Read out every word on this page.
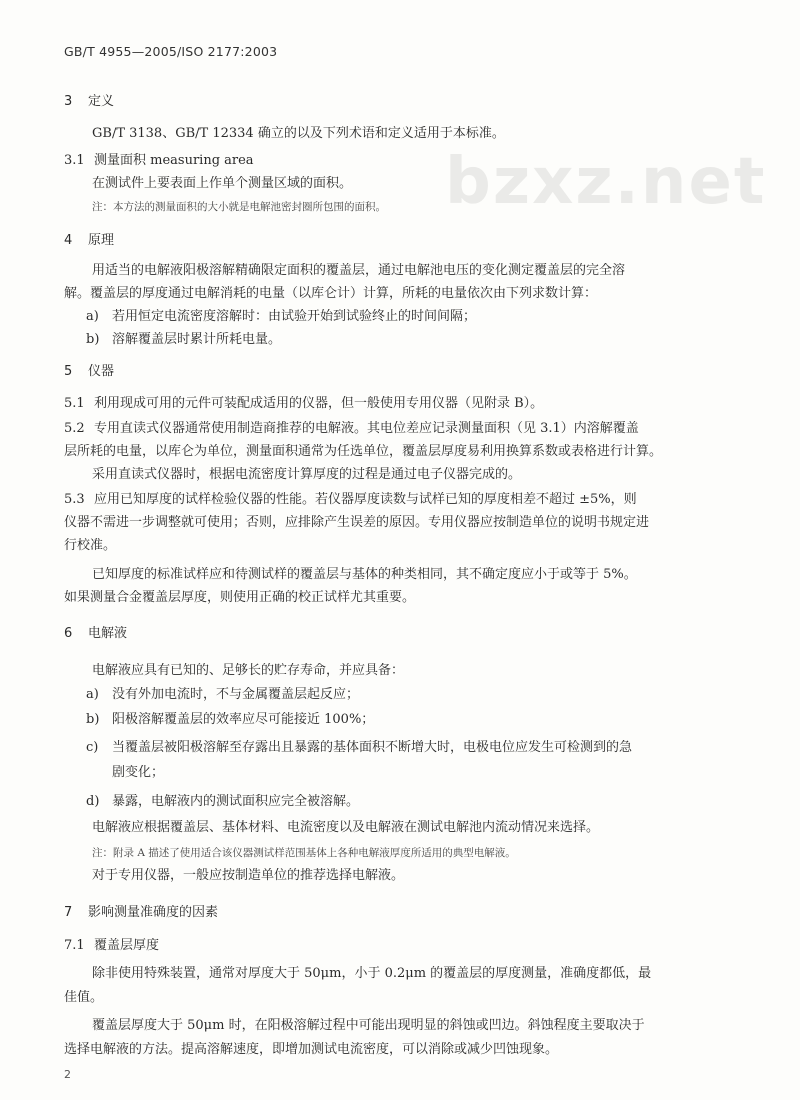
GB/T 4955—2005/ISO 2177:2003
bzxz.net
3 定义
GB/T 3138、GB/T 12334 确立的以及下列术语和定义适用于本标准。
3.1 测量面积 measuring area
在测试件上要表面上作单个测量区域的面积。
注：本方法的测量面积的大小就是电解池密封圈所包围的面积。
4 原理
用适当的电解液阳极溶解精确限定面积的覆盖层，通过电解池电压的变化测定覆盖层的完全溶
解。覆盖层的厚度通过电解消耗的电量（以库仑计）计算，所耗的电量依次由下列求数计算：
a) 若用恒定电流密度溶解时：由试验开始到试验终止的时间间隔；
b) 溶解覆盖层时累计所耗电量。
5 仪器
5.1 利用现成可用的元件可装配成适用的仪器，但一般使用专用仪器（见附录 B）。
5.2 专用直读式仪器通常使用制造商推荐的电解液。其电位差应记录测量面积（见 3.1）内溶解覆盖
层所耗的电量，以库仑为单位，测量面积通常为任选单位，覆盖层厚度易利用换算系数或表格进行计算。
采用直读式仪器时，根据电流密度计算厚度的过程是通过电子仪器完成的。
5.3 应用已知厚度的试样检验仪器的性能。若仪器厚度读数与试样已知的厚度相差不超过 ±5%，则
仪器不需进一步调整就可使用；否则，应排除产生误差的原因。专用仪器应按制造单位的说明书规定进
行校准。
已知厚度的标准试样应和待测试样的覆盖层与基体的种类相同，其不确定度应小于或等于 5%。
如果测量合金覆盖层厚度，则使用正确的校正试样尤其重要。
6 电解液
电解液应具有已知的、足够长的贮存寿命，并应具备：
a) 没有外加电流时，不与金属覆盖层起反应；
b) 阳极溶解覆盖层的效率应尽可能接近 100%；
c) 当覆盖层被阳极溶解至存露出且暴露的基体面积不断增大时，电极电位应发生可检测到的急
剧变化；
d) 暴露，电解液内的测试面积应完全被溶解。
电解液应根据覆盖层、基体材料、电流密度以及电解液在测试电解池内流动情况来选择。
注：附录 A 描述了使用适合该仪器测试样范围基体上各种电解液厚度所适用的典型电解液。
对于专用仪器，一般应按制造单位的推荐选择电解液。
7 影响测量准确度的因素
7.1 覆盖层厚度
除非使用特殊装置，通常对厚度大于 50μm，小于 0.2μm 的覆盖层的厚度测量，准确度都低，最
佳值。
覆盖层厚度大于 50μm 时，在阳极溶解过程中可能出现明显的斜蚀或凹边。斜蚀程度主要取决于
选择电解液的方法。提高溶解速度，即增加测试电流密度，可以消除或减少凹蚀现象。
2
